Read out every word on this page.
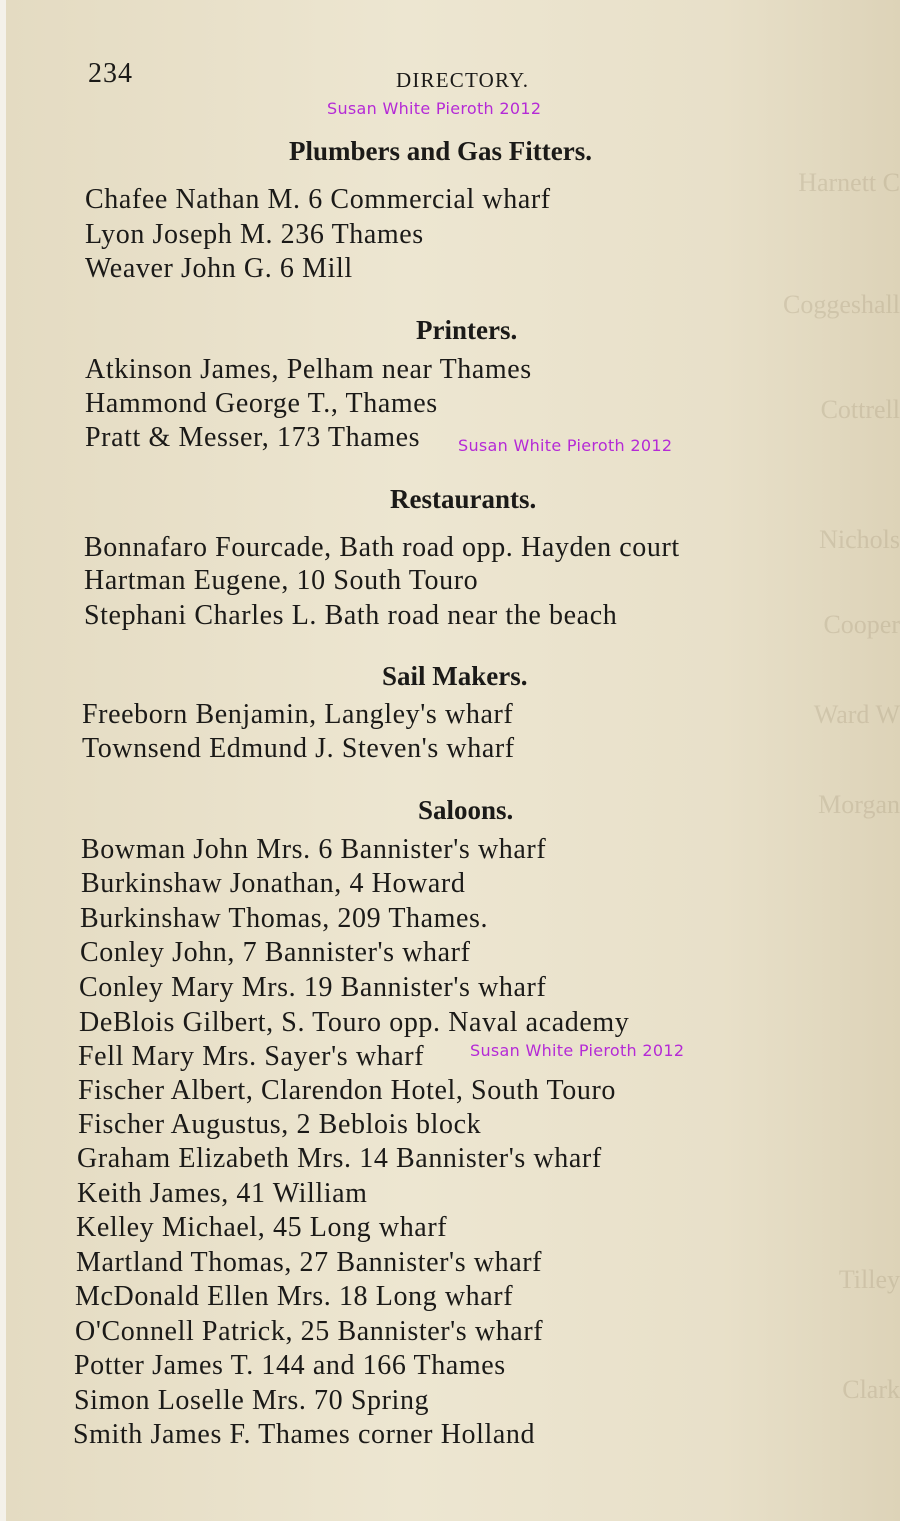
Harnett C
Coggeshall
Cottrell
Nichols
Cooper
Ward W
Morgan
Tilley
Clark
234	DIRECTORY.
Susan White Pieroth 2012
Plumbers and Gas Fitters.
Chafee Nathan M. 6 Commercial wharf
Lyon Joseph M. 236 Thames
Weaver John G. 6 Mill
Printers.
Atkinson James, Pelham near Thames
Hammond George T., Thames
Pratt & Messer, 173 Thames Susan White Pieroth 2012
Restaurants.
Bonnafaro Fourcade, Bath road opp. Hayden court
Hartman Eugene, 10 South Touro
Stephani Charles L. Bath road near the beach
Sail Makers.
Freeborn Benjamin, Langley's wharf
Townsend Edmund J. Steven's wharf
Saloons.
Bowman John Mrs. 6 Bannister's wharf
Burkinshaw Jonathan, 4 Howard
Burkinshaw Thomas, 209 Thames.
Conley John, 7 Bannister's wharf
Conley Mary Mrs. 19 Bannister's wharf
DeBlois Gilbert, S. Touro opp. Naval academy
Fell Mary Mrs. Sayer's wharf	Susan White Pieroth 2012
Fischer Albert, Clarendon Hotel, South Touro
Fischer Augustus, 2 Beblois block
Graham Elizabeth Mrs. 14 Bannister's wharf
Keith James, 41 William
Kelley Michael, 45 Long wharf
Martland Thomas, 27 Bannister's wharf
McDonald Ellen Mrs. 18 Long wharf
O'Connell Patrick, 25 Bannister's wharf
Potter James T. 144 and 166 Thames
Simon Loselle Mrs. 70 Spring
Smith James F. Thames corner Holland
